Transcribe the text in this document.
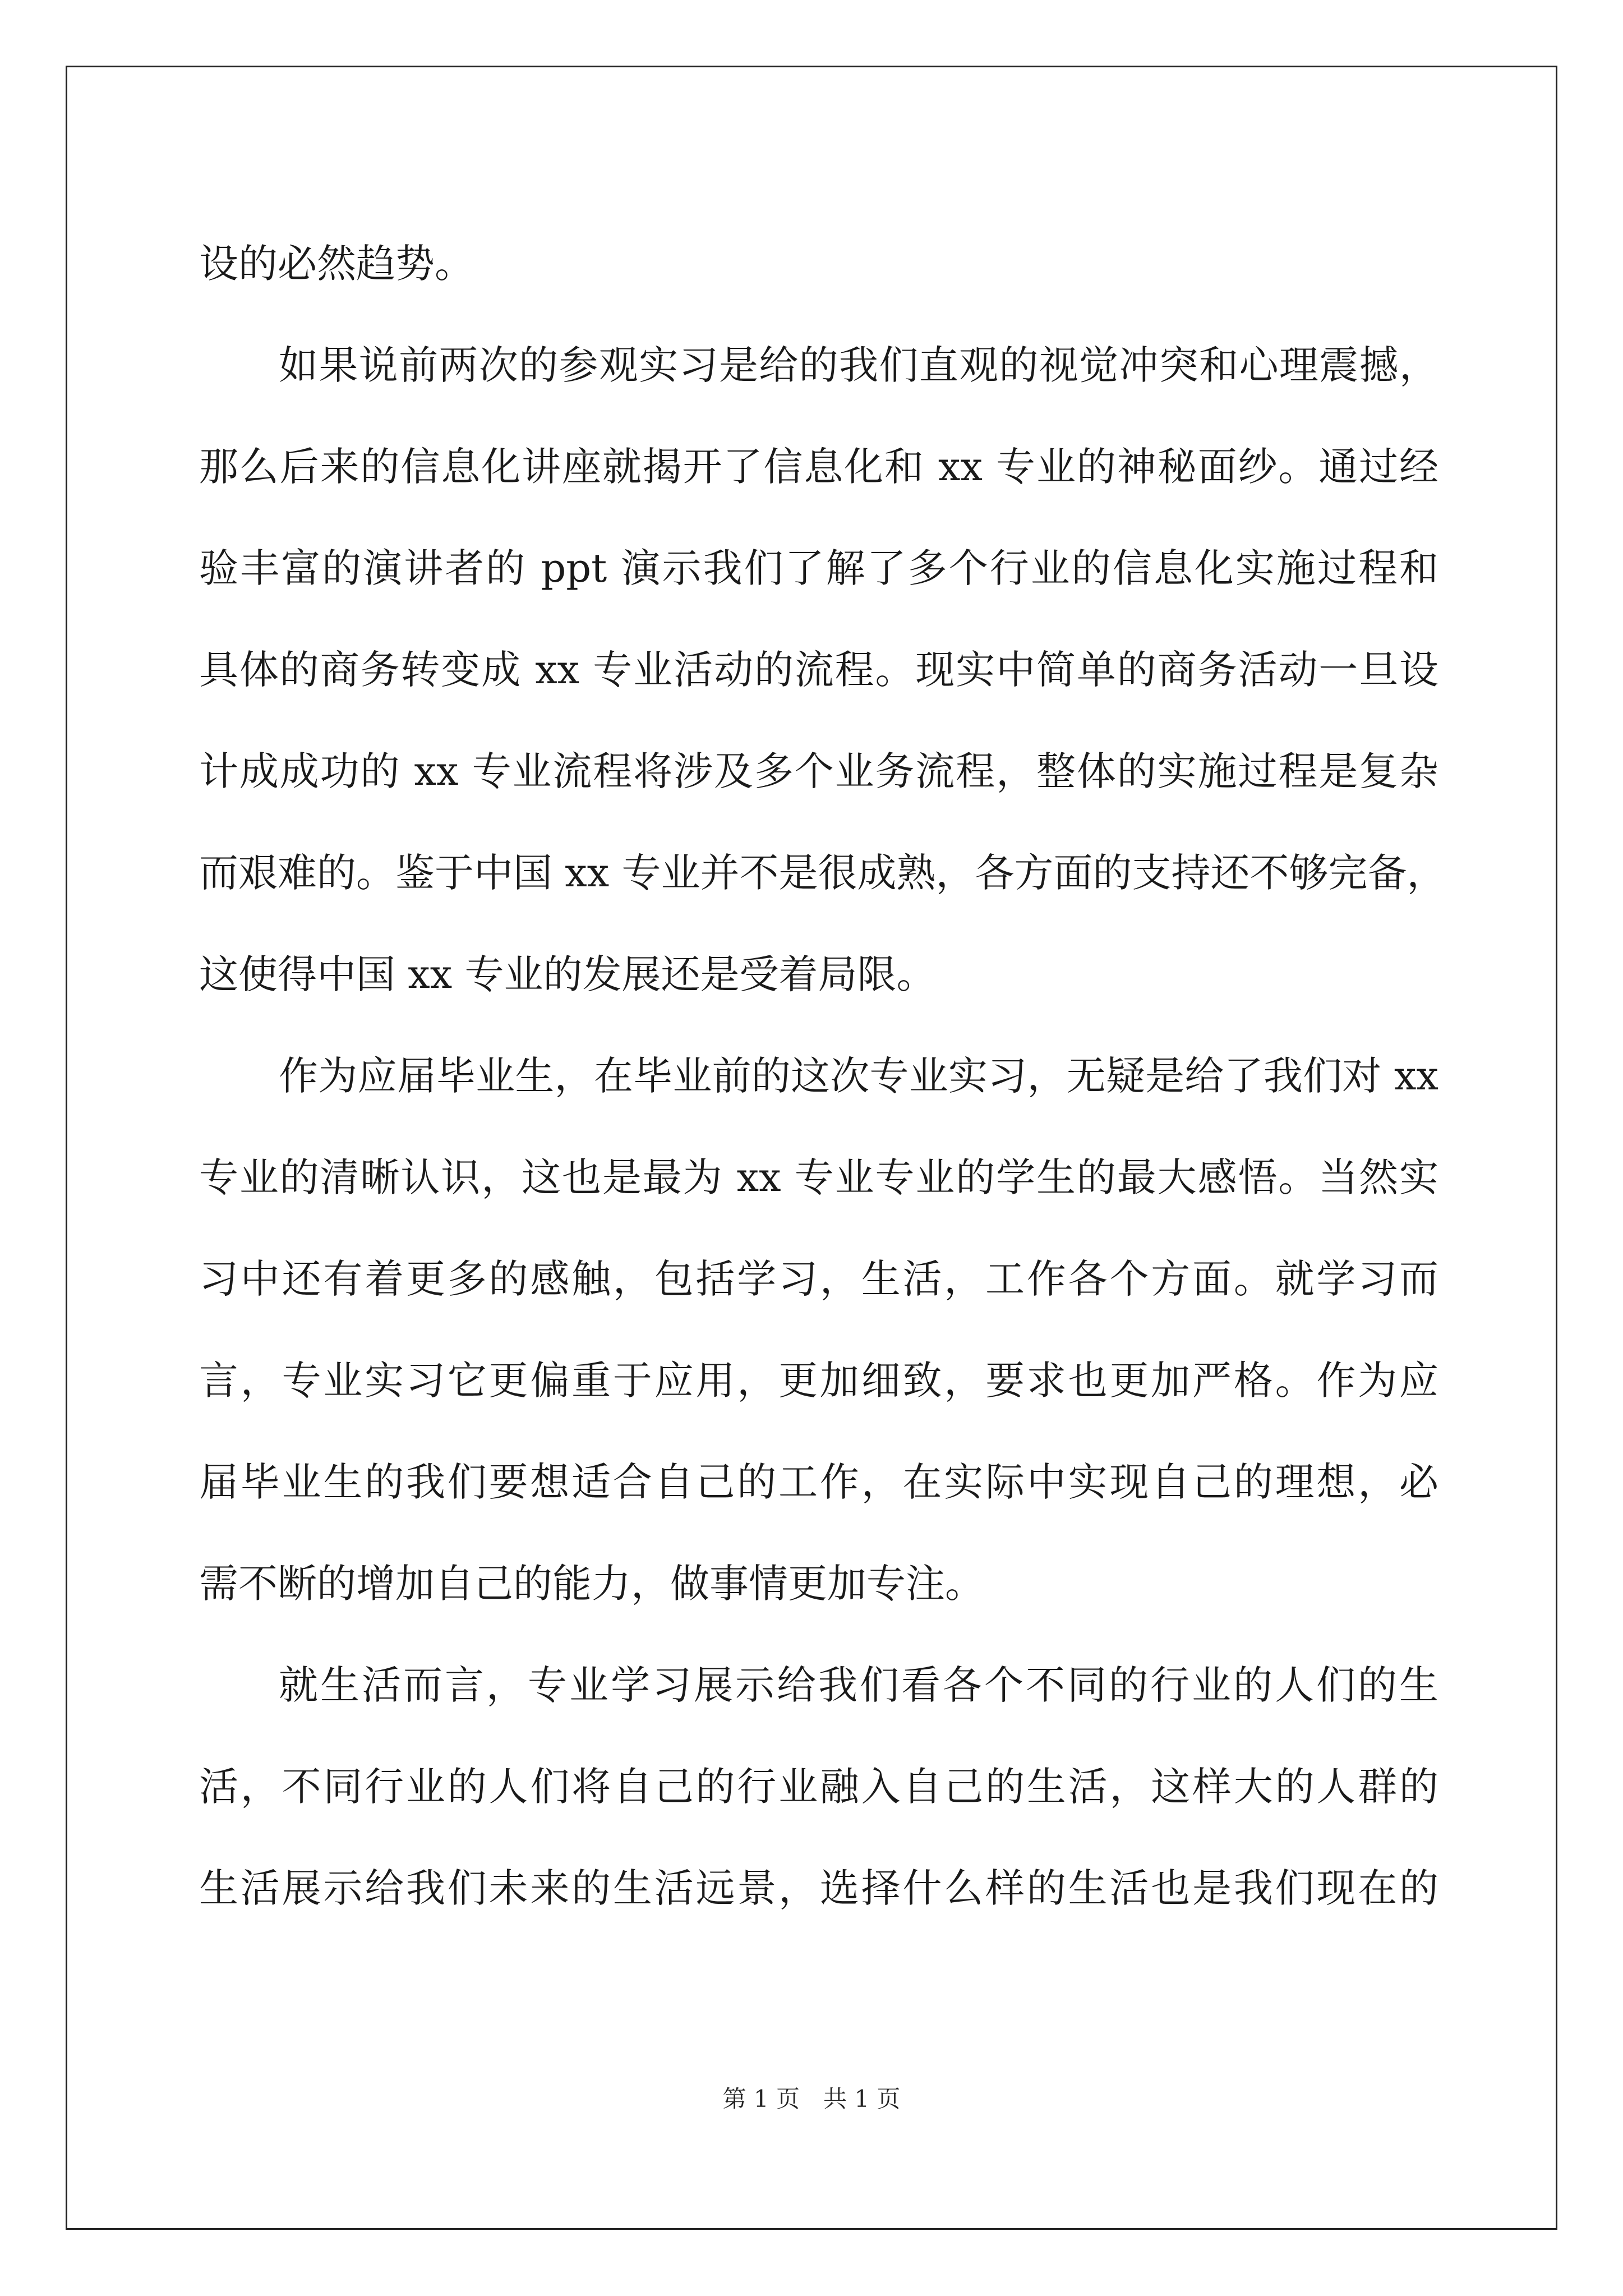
设的必然趋势。
如果说前两次的参观实习是给的我们直观的视觉冲突和心理震撼，
那么后来的信息化讲座就揭开了信息化和 xx 专业的神秘面纱。通过经
验丰富的演讲者的 ppt 演示我们了解了多个行业的信息化实施过程和
具体的商务转变成 xx 专业活动的流程。现实中简单的商务活动一旦设
计成成功的 xx 专业流程将涉及多个业务流程，整体的实施过程是复杂
而艰难的。鉴于中国 xx 专业并不是很成熟，各方面的支持还不够完备，
这使得中国 xx 专业的发展还是受着局限。
作为应届毕业生，在毕业前的这次专业实习，无疑是给了我们对 xx
专业的清晰认识，这也是最为 xx 专业专业的学生的最大感悟。当然实
习中还有着更多的感触，包括学习，生活，工作各个方面。就学习而
言，专业实习它更偏重于应用，更加细致，要求也更加严格。作为应
届毕业生的我们要想适合自己的工作，在实际中实现自己的理想，必
需不断的增加自己的能力，做事情更加专注。
就生活而言，专业学习展示给我们看各个不同的行业的人们的生
活，不同行业的人们将自己的行业融入自己的生活，这样大的人群的
生活展示给我们未来的生活远景，选择什么样的生活也是我们现在的
第 1 页　共 1 页
